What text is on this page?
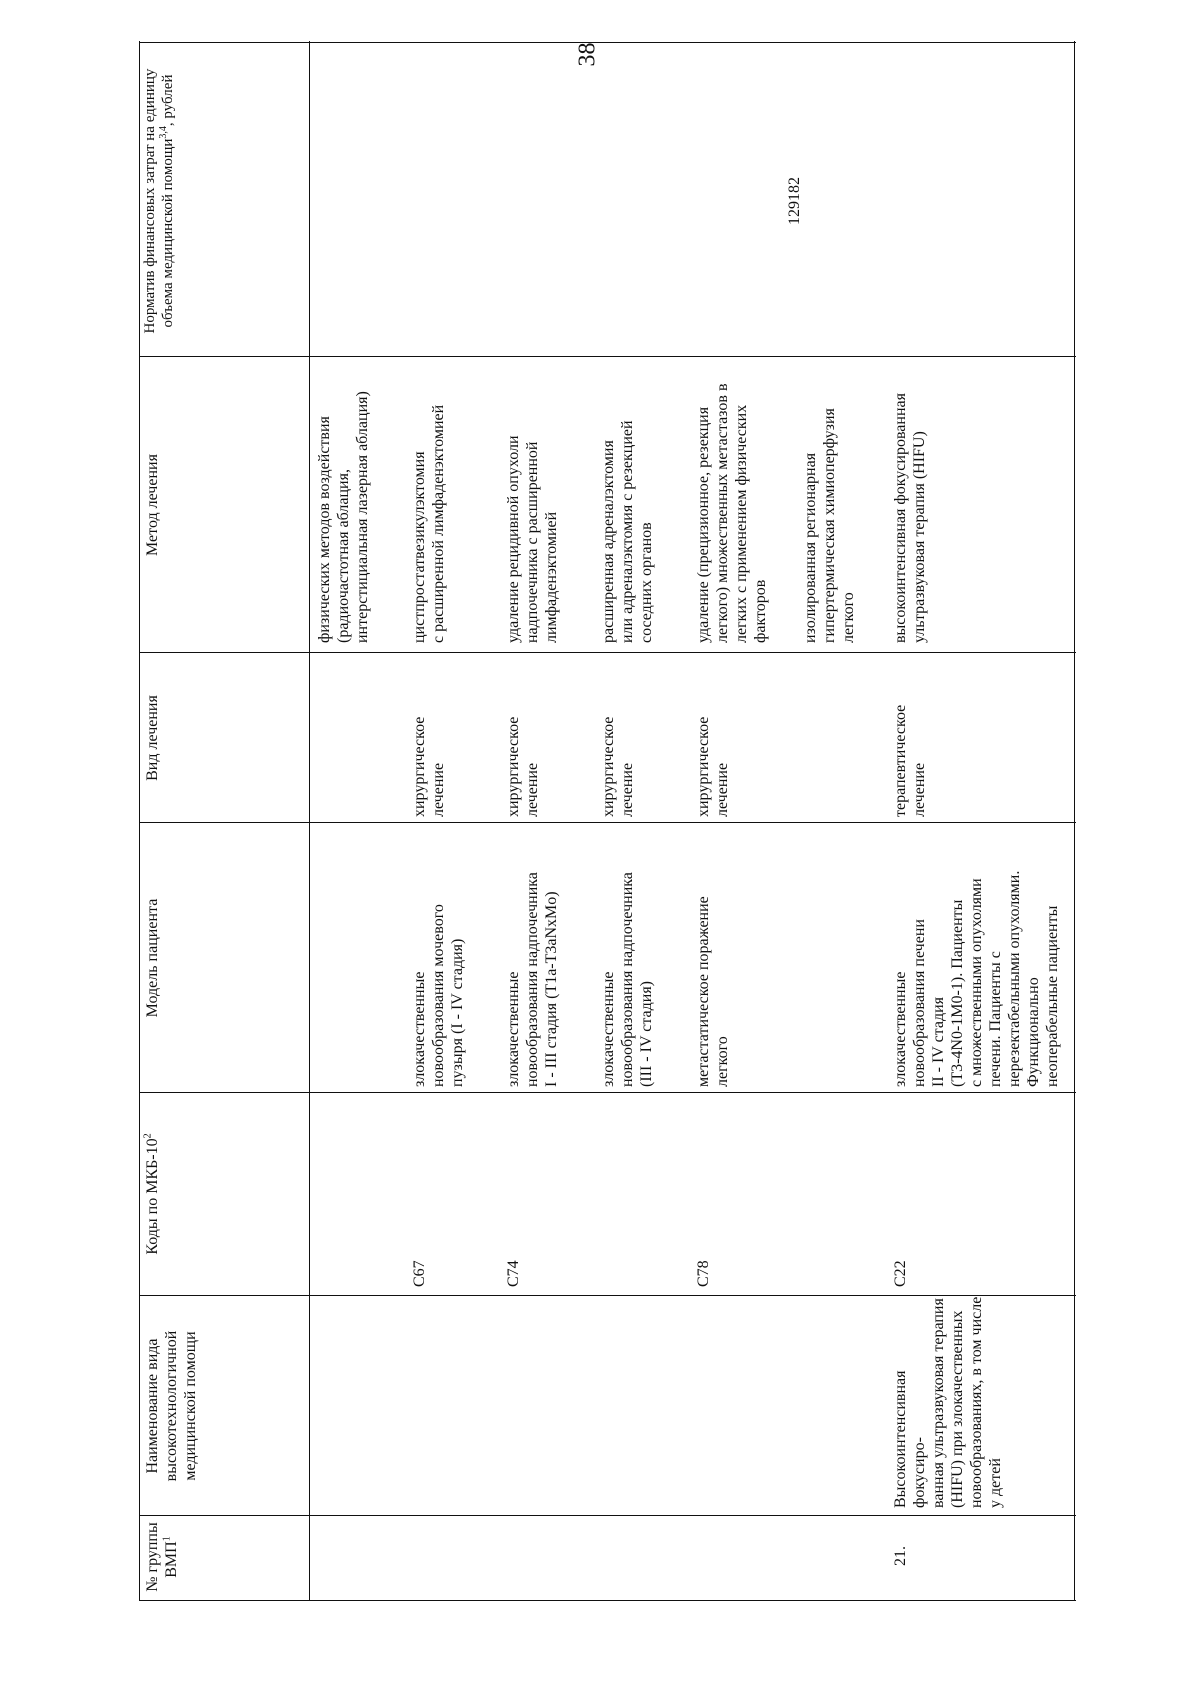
38
№ группы ВМП$^1$
Наименование вида высокотехнологичной медицинской помощи
Коды по МКБ-$10^2$
Модель пациента
Вид лечения
Метод лечения
Норматив финансовых затрат на единицу объема медицинской помощи$^{3,4}$, рублей
физических методов воздействия
(радиочастотная аблация,
интерстициальная лазерная аблация)
C67
злокачественные
новообразования мочевого
пузыря (I - IV стадия)
хирургическое
лечение
цистпростатвезикулэктомия
с расширенной лимфаденэктомией
C74
злокачественные
новообразования надпочечника
I - III стадия (T1a-T3aNxMo)
хирургическое
лечение
удаление рецидивной опухоли
надпочечника с расширенной
лимфаденэктомией
злокачественные
новообразования надпочечника
(III - IV стадия)
хирургическое
лечение
расширенная адреналэктомия
или адреналэктомия с резекцией
соседних органов
C78
метастатическое поражение
легкого
хирургическое
лечение
удаление (прецизионное, резекция
легкого) множественных метастазов в
легких с применением физических
факторов изолированная регионарная
гипертермическая химиоперфузия
легкого
21.
Высокоинтенсивная фокусиро-
ванная ультразвуковая терапия
(HIFU) при злокачественных
новообразованиях, в том числе
у детей
C22
злокачественные
новообразования печени
II - IV стадия
(T3-4N0-1M0-1). Пациенты
с множественными опухолями
печени. Пациенты с
нерезектабельными опухолями.
Функционально
неоперабельные пациенты
терапевтическое
лечение
высокоинтенсивная фокусированная
ультразвуковая терапия (HIFU)
129182
